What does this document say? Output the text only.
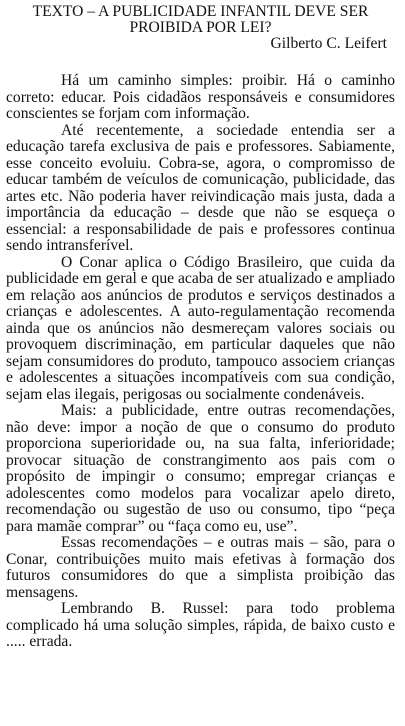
TEXTO – A PUBLICIDADE INFANTIL DEVE SER PROIBIDA POR LEI?

Gilberto C. Leifert

Há um caminho simples: proibir. Há o caminho correto: educar. Pois cidadãos responsáveis e consumidores conscientes se forjam com informação.

Até recentemente, a sociedade entendia ser a educação tarefa exclusiva de pais e professores. Sabiamente, esse conceito evoluiu. Cobra-se, agora, o compromisso de educar também de veículos de comunicação, publicidade, das artes etc. Não poderia haver reivindicação mais justa, dada a importância da educação – desde que não se esqueça o essencial: a responsabilidade de pais e professores continua sendo intransferível.

O Conar aplica o Código Brasileiro, que cuida da publicidade em geral e que acaba de ser atualizado e ampliado em relação aos anúncios de produtos e serviços destinados a crianças e adolescentes. A auto-regulamentação recomenda ainda que os anúncios não desmereçam valores sociais ou provoquem discriminação, em particular daqueles que não sejam consumidores do produto, tampouco associem crianças e adolescentes a situações incompatíveis com sua condição, sejam elas ilegais, perigosas ou socialmente condenáveis.

Mais: a publicidade, entre outras recomendações, não deve: impor a noção de que o consumo do produto proporciona superioridade ou, na sua falta, inferioridade; provocar situação de constrangimento aos pais com o propósito de impingir o consumo; empregar crianças e adolescentes como modelos para vocalizar apelo direto, recomendação ou sugestão de uso ou consumo, tipo “peça para mamãe comprar” ou “faça como eu, use”.

Essas recomendações – e outras mais – são, para o Conar, contribuições muito mais efetivas à formação dos futuros consumidores do que a simplista proibição das mensagens.

Lembrando B. Russel: para todo problema complicado há uma solução simples, rápida, de baixo custo e ..... errada.
